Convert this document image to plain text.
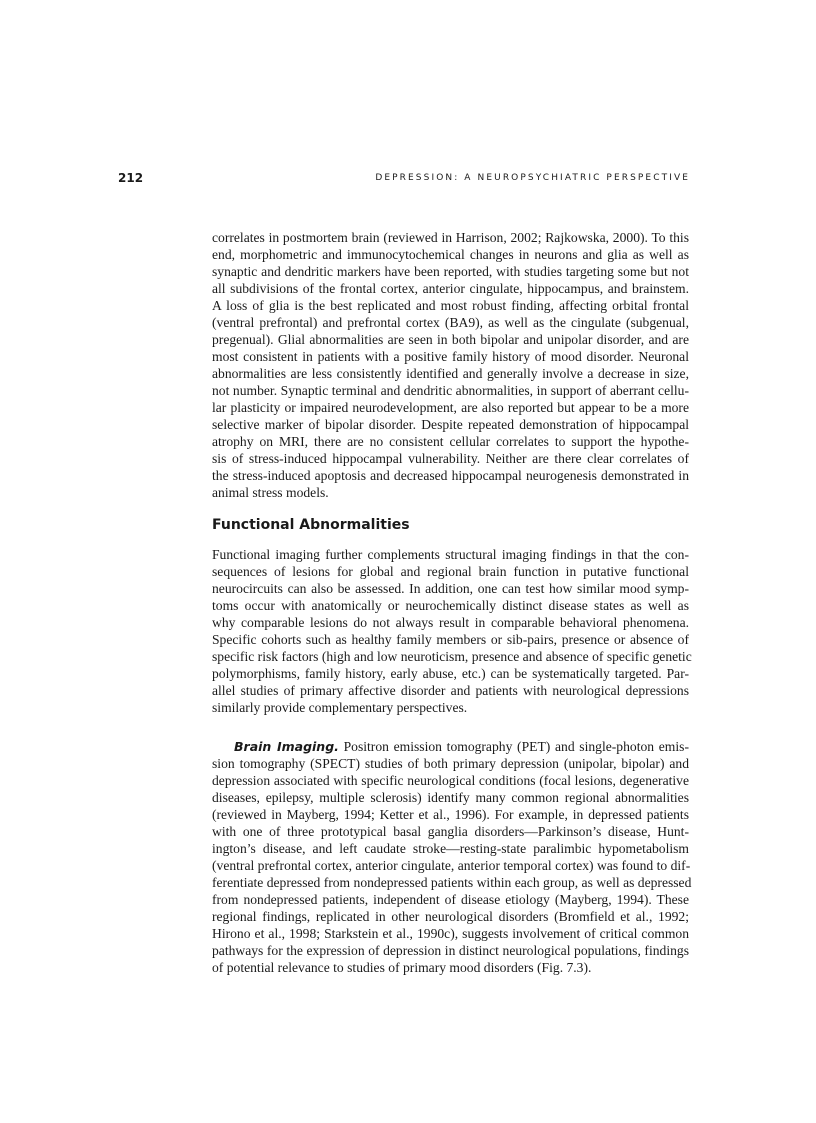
212	DEPRESSION: A NEUROPSYCHIATRIC PERSPECTIVE
correlates in postmortem brain (reviewed in Harrison, 2002; Rajkowska, 2000). To this
end, morphometric and immunocytochemical changes in neurons and glia as well as
synaptic and dendritic markers have been reported, with studies targeting some but not
all subdivisions of the frontal cortex, anterior cingulate, hippocampus, and brainstem.
A loss of glia is the best replicated and most robust finding, affecting orbital frontal
(ventral prefrontal) and prefrontal cortex (BA9), as well as the cingulate (subgenual,
pregenual). Glial abnormalities are seen in both bipolar and unipolar disorder, and are
most consistent in patients with a positive family history of mood disorder. Neuronal
abnormalities are less consistently identified and generally involve a decrease in size,
not number. Synaptic terminal and dendritic abnormalities, in support of aberrant cellu-
lar plasticity or impaired neurodevelopment, are also reported but appear to be a more
selective marker of bipolar disorder. Despite repeated demonstration of hippocampal
atrophy on MRI, there are no consistent cellular correlates to support the hypothe-
sis of stress-induced hippocampal vulnerability. Neither are there clear correlates of
the stress-induced apoptosis and decreased hippocampal neurogenesis demonstrated in
animal stress models.
Functional Abnormalities
Functional imaging further complements structural imaging findings in that the con-
sequences of lesions for global and regional brain function in putative functional
neurocircuits can also be assessed. In addition, one can test how similar mood symp-
toms occur with anatomically or neurochemically distinct disease states as well as
why comparable lesions do not always result in comparable behavioral phenomena.
Specific cohorts such as healthy family members or sib-pairs, presence or absence of
specific risk factors (high and low neuroticism, presence and absence of specific genetic
polymorphisms, family history, early abuse, etc.) can be systematically targeted. Par-
allel studies of primary affective disorder and patients with neurological depressions
similarly provide complementary perspectives.
Brain Imaging. Positron emission tomography (PET) and single-photon emis-
sion tomography (SPECT) studies of both primary depression (unipolar, bipolar) and
depression associated with specific neurological conditions (focal lesions, degenerative
diseases, epilepsy, multiple sclerosis) identify many common regional abnormalities
(reviewed in Mayberg, 1994; Ketter et al., 1996). For example, in depressed patients
with one of three prototypical basal ganglia disorders—Parkinson’s disease, Hunt-
ington’s disease, and left caudate stroke—resting-state paralimbic hypometabolism
(ventral prefrontal cortex, anterior cingulate, anterior temporal cortex) was found to dif-
ferentiate depressed from nondepressed patients within each group, as well as depressed
from nondepressed patients, independent of disease etiology (Mayberg, 1994). These
regional findings, replicated in other neurological disorders (Bromfield et al., 1992;
Hirono et al., 1998; Starkstein et al., 1990c), suggests involvement of critical common
pathways for the expression of depression in distinct neurological populations, findings
of potential relevance to studies of primary mood disorders (Fig. 7.3).
